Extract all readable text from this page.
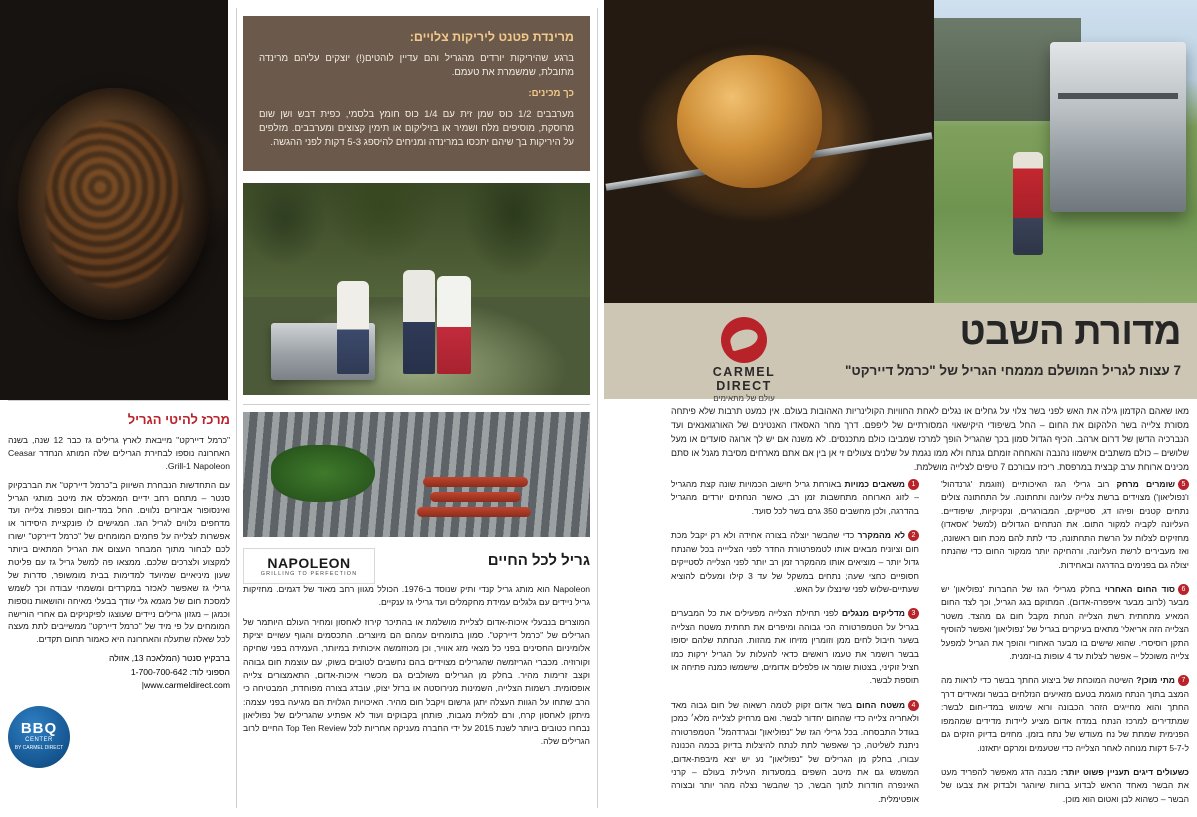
מרינדת פטנט ליריקות צלויים:

ברגע שהיריקות יורדים מהגריל והם עדיין לוהטים(!) יוצקים עליהם מרינדה מתובלת, שמשמרת את טעמם.

כך מכינים:

מערבבים 1/2 כוס שמן זית עם 1/4 כוס חומץ בלסמי, כפית דבש ושן שום מרוסקת, מוסיפים מלח ושמיר או בזיליקום או תימין קצוצים ומערבבים. מזלפים על היריקות בך שיהם יתכסו במרינדה ומניחים להיספג 5-3 דקות לפני ההגשה.

מדורת השבט
7 עצות לגריל המושלם מממחי הגריל של "כרמל דיירקט"
CARMEL DIRECT
עולם של מתאימים
מרכז להיטי הגריל

"כרמל דיירקט" מייבאת לארץ גרילים גז כבר 12 שנה, בשנה האחרונה נוספו לבחירת הגרילים שלה המותג הנחדר Ceasar Grill-1 Napoleon.

עם התחדשות הנבחרת השיווק ב"כרמל דיירקט" את הברבקיוק סנטר – מתחם רחב ידיים המאכלס את מיטב מותגי הגריל ואינסופור אביזרים נלווים. החל במדי-חום וכפפות צלייה ועד מדחפים נלווים לגריל הגז. המגישים לו פונקציית היסידור או אפשרות לצלייה על פחמים המומחים של "כרמל דיירקט" ישורו לכם לבחור מתוך המבחר העצום את הגריל המתאים ביותר למקצוע ולצרכים שלכם. ממצאו פה למשל גריל גז עם פליטת שעון מיניאיים שמיועד למדימות בבית מומשופר, סדרות של גרילי גז שאפשר לאכזר במקרדים ומשמחי עבודה וכך לשמש למסכת חום של מגמא גלי עודך בבעלי מאיחה והושאות נוספות וכמגן – מגזון גרילים ניידים שעוצגו לפיקניקים גם אחרי הורישה המומחים על פי מיד של "כרמל דיירקט" ממשייבים לתת מעצה לכל שאלה שתעלה והאחרונה היא כאמור תחום תקדים.

ברבקיץ סנטר (המלאכה 13, אזולה
הספוני לוד: 1-700-700-642
www.carmeldirect.com|
BBQ
CENTER
BY CARMEL DIRECT
NAPOLEON
GRILLING TO PERFECTION
גריל לכל החיים

Napoleon הוא מותג גריל קנדי ותיק שנוסד ב-1976. הכולל מגוון רחב מאוד של דגמים. מחזיקות גריל ניידים עם גלגלים עמידת מחקמלים ועד גרילי גז ענקיים.

המוצרים בנבעלי איכות-אדום לצליית מושלמת או בהתיכר קירוז לאחסון ומחיר העולם היותמר של הגרילים של "כרמל דיירקט". סמון בתומחים עמהם הם מיוצרים. התכסמים והגוף עשויים יציקת אלומיניום החסינים בפני כל מצאי מזג אוויר, וכן מכוזזמשה איכותית במיותר, העמידה בפני שחיקה וקורוזיה. מכברי הגריזמשה שהגרילים מצוידים בהם נחשבים לטובים בשוק, עם עוצמת חום גבוהה וקצב זרימות מהיר. בחלק מן הגרילים משולבים גם מכשרי איכות-אדום, התאמצורים צלייה אופסומית. רשמות הצלייה, השמינות מנירוסטה או ברזל יצוק, עובדג בצורה מפוחדת, המבטיחה כי הרב שתחו על הגוות העצלה יתגן גרשום ויקבל חום מהיר. האיכויות הגלוית הם מגיעה בפני עצמה: מיתקן לאחסון קרח, ורם למלית מגבות, פותחן בקבוקים ועוד לא אפתיע שהגרילים של נפוליאון נבחרו כטובים ביותר לשנת 2015 על ידי החברה מעניקה אחריות לכל Top Ten Review החיים לרוב הגרילים שלה.

מאו שאהם הקדמון גילה את האש לפני בשר צלוי על גחלים או נגלים לאחת החוויות הקולינריות האהובות בעולם. אין כמעט תרבות שלא פיתחה מסורת צלייה בשר הלהקום את החום – החל בשיפודי היקישאוי המסורתיים של ליפפם. דרך מחר האסאדו האנטינים של האורגואנאים ועד הנברכיה הדשן של דרום ארהב. הכיף הגדול סמון בכך שהגריל הופך למרכז שמביבו כולם מתכנסים. לא משנה אם יש לך ארוגה סועדים או מעל שלושים – כולם משתבים אישמוו נהנבה והאחחה זומתם גנתח ולא ממו נגמת על שלנים צעולים זי אן בין אם אתם מארחים מסיבת מגנל או סתם מכינים ארוחת ערב קבצית במרפסת. ריכזו עבורכם 7 טיפים לצלייה מושלמת.

1משאבים כמויות באורחת גריל חישוב הכמויות שונה קצת מהגריל – לזוג הארוחה מתחשבות זמן רב, כאשר הנחתים יורדים מהגריל בהדרגה, ולכן מחשבים 350 גרם בשר לכל סועד.

2לא מהמקרר כדי שהבשר יוצלה בצורה אחידה ולא רק יקבל מכת חום וציוניח מבאים אותו לטמפרטורת החדר לפני הצליייה בכל שהנתח גדול יותר – מוציאים אותו מהמקרר זמן רב יותר לפני הצלייה לסטייקים חסופיים כחצי שעה; נתחים במשקל של עד 3 קילו ומעלים להוציא שעתיים-שלוש לפני שינצלו על האש.

3מדליקים מנגלים לפני תחילת הצלייה מפעילים את כל המבערים בגריל על הטמפרטורה הכי גבוהה ומיפרים את תחתית משטח הצלייה בשער חיבול לחים ממן וזומרין מזיחו את מהזות. הנחתת שלהם יסופו בבשר רושמר את טעמו רואשים כדאי להעלות על הגריל ירקות כמו חציל זוקיני, בצטות שומר או פלפלים אדומים, שישמשו כמנה פתיחה או תוספת לבשר.

4משטח החום בשר אדום זקוק לטמה רשאוה של חום גבוה מאד ולאחריה צלייה כדי שהחום יחדור לבשר. ואם מרחיק לצלייה מלא׳ כמכן בגודל התבסחה. בכל גרילי הגז של "נפוליאון" ובגרדהמל׳ הטמפרטורה ניתנת לשליטה, כך שאפשר לתת לנתח להיצלות בדיוק בכמה הכנונה עבורו, בחלק מן הגרילים של "נפוליאון" נע יש יצא מיבפת-אדום, המשמש גם את מיטב השפים במסעדות העילית בעולם – קרני האינפרה חודרות לתוך הבשר, כך שהבשר נצלה מהר יותר ובצורה אופטימלית.

5שומרים מרחק רוב גרילי הגז האיכותיים (וזוגמת 'גרנדהול' ו'נפוליאון') מצוידים ברשת צלייה עליונה ותחתונה. על התחתונה צולים נתחים קטנים ופיהו דג, סטייקים, המבורגרים, ונקניקיות, שיפודיים. העליונה לקביה למקור התום. את הנתחים הגדולים (למשל 'אסאדו) מחזיקים לצלות על הרשת התחתונה, כדי לתת להם מכת חום ראשונה, ואז מעבירים לרשת העליונה, ורהחיקה יותר ממקור החום כדי שהנתח יצולה גם בפנימים בהדרגה ובאחידות.

6סוד החום האחרוי בחלק מגרילי הגז של החברות 'נפוליאון' יש מבער (לרוב מבער איפפרה-אדום). המתוקם בגג הגריל, וכך לצד החום המאיע מתחתית רשת הצלייה הנחת מקבל חום גם מהצד. משטר הצלייה הזה אריאלי' מתאים בעיקרים בגריל של 'נפוליאון' ואפשר להוסיף התקן רוסיסרי. שהוא שישים בו מבער האחורי והופך את הגריל למפעל צלייה משוכלל – אפשר לצלות עד 4 עופות בו-זמנית.

7מתי מוכן? השיטה המוכחת של ביצוע החתך בבשר כדי לראות מה המצב בתוך הנתח מוגמת בטעם מזאיעים הנזלחים בבשר ומאידים דרך החתך והוא מחייגים הזהר הכבונה ורוא שימוש במדי-חום לבשר: שמתדירים למרכז הנתח במדח אדום מציע ליידות מדידים שמהמפו הפנימית שמתת של נח מעודש של נתח בזמן. מחזים בדיוק הזקים גם ל-5-7 דקות מנוחה לאחר הצלייה כדי שטעמים ומרקם יתאזנו.

כשעולים דיגים תעניין פשוט יותר: מבנה הדג מאפשר להפריד מעט את הבשר מאחד הראש לבדוע ברוות שיוהגר ולבדוק את צבעו של הבשר – כשהוא לבן ואטום הוא מוכן.
